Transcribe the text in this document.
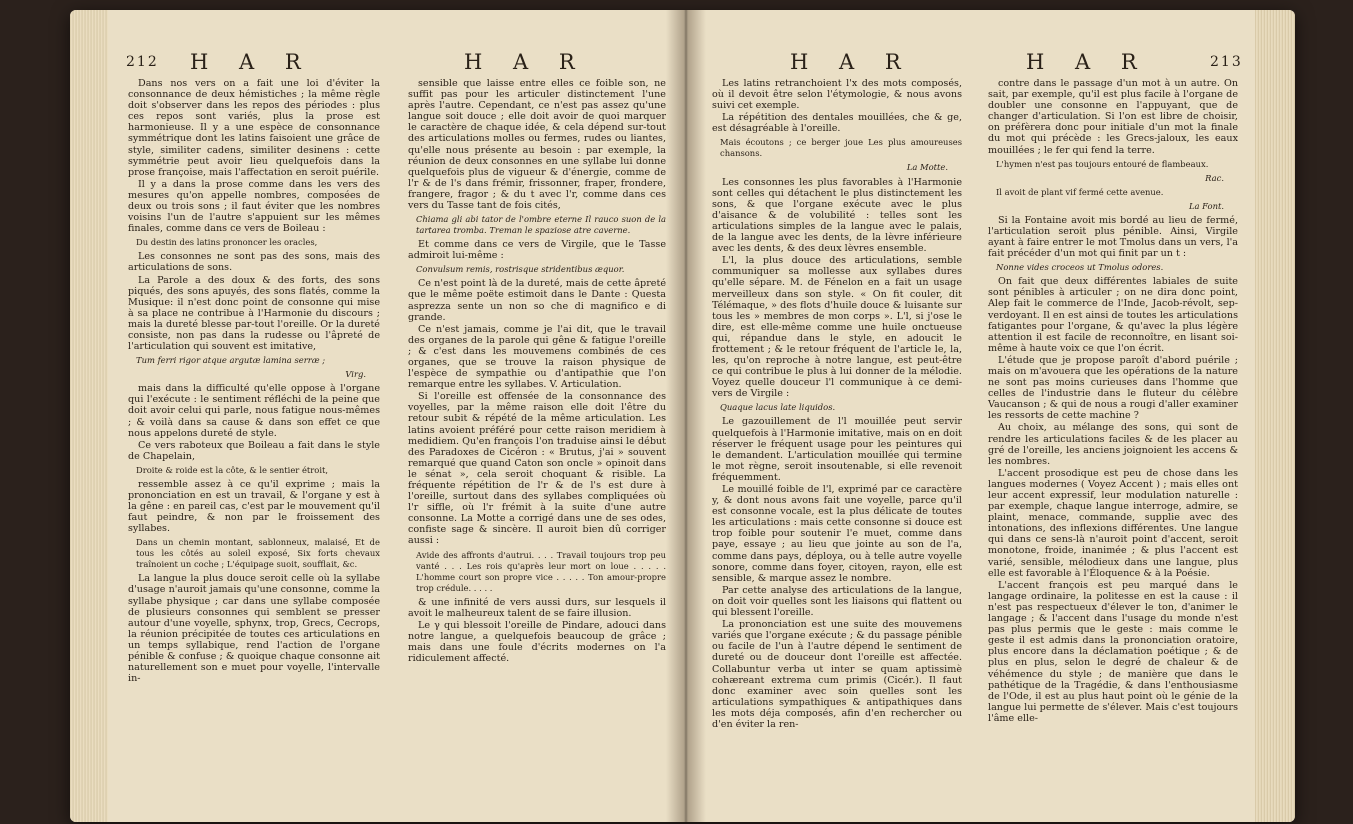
212 H A R	H A R

Dans nos vers on a fait une loi d'éviter la consonnance de deux hémistiches ; la même règle doit s'observer dans les repos des périodes : plus ces repos sont variés, plus la prose est harmonieuse. Il y a une espèce de consonnance symmétrique dont les latins faisoient une grâce de style, similiter cadens, similiter desinens : cette symmétrie peut avoir lieu quelquefois dans la prose françoise, mais l'affectation en seroit puérile.

Il y a dans la prose comme dans les vers des mesures qu'on appelle nombres, composées de deux ou trois sons ; il faut éviter que les nombres voisins l'un de l'autre s'appuient sur les mêmes finales, comme dans ce vers de Boileau :

Du destin des latins prononcer les oracles,

Les consonnes ne sont pas des sons, mais des articulations de sons.

La Parole a des doux & des forts, des sons piqués, des sons apuyés, des sons flatés, comme la Musique: il n'est donc point de consonne qui mise à sa place ne contribue à l'Harmonie du discours ; mais la dureté blesse par-tout l'oreille. Or la dureté consiste, non pas dans la rudesse ou l'âpreté de l'articulation qui souvent est imitative,

Tum ferri rigor atque argutæ lamina serræ ;

Virg.

mais dans la difficulté qu'elle oppose à l'organe qui l'exécute : le sentiment réfléchi de la peine que doit avoir celui qui parle, nous fatigue nous-mêmes ; & voilà dans sa cause & dans son effet ce que nous appelons dureté de style.

Ce vers raboteux que Boileau a fait dans le style de Chapelain,

Droite & roide est la côte, & le sentier étroit,

ressemble assez à ce qu'il exprime ; mais la prononciation en est un travail, & l'organe y est à la gêne : en pareil cas, c'est par le mouvement qu'il faut peindre, & non par le froissement des syllabes.

Dans un chemin montant, sablonneux, malaisé, Et de tous les côtés au soleil exposé, Six forts chevaux traînoient un coche ; L'équipage suoit, soufflait, &c.

La langue la plus douce seroit celle où la syllabe d'usage n'auroit jamais qu'une consonne, comme la syllabe physique ; car dans une syllabe composée de plusieurs consonnes qui semblent se presser autour d'une voyelle, sphynx, trop, Grecs, Cecrops, la réunion précipitée de toutes ces articulations en un temps syllabique, rend l'action de l'organe pénible & confuse ; & quoique chaque consonne ait naturellement son e muet pour voyelle, l'intervalle in-

sensible que laisse entre elles ce foible son, ne suffit pas pour les articuler distinctement l'une après l'autre. Cependant, ce n'est pas assez qu'une langue soit douce ; elle doit avoir de quoi marquer le caractère de chaque idée, & cela dépend sur-tout des articulations molles ou fermes, rudes ou liantes, qu'elle nous présente au besoin : par exemple, la réunion de deux consonnes en une syllabe lui donne quelquefois plus de vigueur & d'énergie, comme de l'r & de l's dans frémir, frissonner, fraper, frondere, frangere, fragor ; & du t avec l'r, comme dans ces vers du Tasse tant de fois cités,

Chiama gli abi tator de l'ombre eterne Il rauco suon de la tartarea tromba. Treman le spaziose atre caverne.

Et comme dans ce vers de Virgile, que le Tasse admiroit lui-même :

Convulsum remis, rostrisque stridentibus æquor.

Ce n'est point là de la dureté, mais de cette âpreté que le même poëte estimoit dans le Dante : Questa asprezza sente un non so che di magnifico e di grande.

Ce n'est jamais, comme je l'ai dit, que le travail des organes de la parole qui gêne & fatigue l'oreille ; & c'est dans les mouvemens combinés de ces organes, que se trouve la raison physique de l'espèce de sympathie ou d'antipathie que l'on remarque entre les syllabes. V. Articulation.

Si l'oreille est offensée de la consonnance des voyelles, par la même raison elle doit l'être du retour subit & répété de la même articulation. Les latins avoient préféré pour cette raison meridiem à medidiem. Qu'en françois l'on traduise ainsi le début des Paradoxes de Cicéron : « Brutus, j'ai » souvent remarqué que quand Caton son oncle » opinoit dans le sénat », cela seroit choquant & risible. La fréquente répétition de l'r & de l's est dure à l'oreille, surtout dans des syllabes compliquées où l'r siffle, où l'r frémit à la suite d'une autre consonne. La Motte a corrigé dans une de ses odes, confiste sage & sincère. Il auroit bien dû corriger aussi :

Avide des affronts d'autrui. . . . Travail toujours trop peu vanté . . . Les rois qu'après leur mort on loue . . . . . L'homme court son propre vice . . . . . Ton amour-propre trop crédule. . . . .

& une infinité de vers aussi durs, sur lesquels il avoit le malheureux talent de se faire illusion.

Le γ qui blessoit l'oreille de Pindare, adouci dans notre langue, a quelquefois beaucoup de grâce ; mais dans une foule d'écrits modernes on l'a ridiculement affecté.

H A R	H A R	213

Les latins retranchoient l'x des mots composés, où il devoit être selon l'étymologie, & nous avons suivi cet exemple.

La répétition des dentales mouillées, che & ge, est désagréable à l'oreille.

Mais écoutons ; ce berger joue Les plus amoureuses chansons.

La Motte.

Les consonnes les plus favorables à l'Harmonie sont celles qui détachent le plus distinctement les sons, & que l'organe exécute avec le plus d'aisance & de volubilité : telles sont les articulations simples de la langue avec le palais, de la langue avec les dents, de la lèvre inférieure avec les dents, & des deux lèvres ensemble.

L'l, la plus douce des articulations, semble communiquer sa mollesse aux syllabes dures qu'elle sépare. M. de Fénelon en a fait un usage merveilleux dans son style. « On fit couler, dit Télémaque, » des flots d'huile douce & luisante sur tous les » membres de mon corps ». L'l, si j'ose le dire, est elle-même comme une huile onctueuse qui, répandue dans le style, en adoucit le frottement ; & le retour fréquent de l'article le, la, les, qu'on reproche à notre langue, est peut-être ce qui contribue le plus à lui donner de la mélodie. Voyez quelle douceur l'l communique à ce demi-vers de Virgile :

Quaque lacus late liquidos.

Le gazouillement de l'l mouillée peut servir quelquefois à l'Harmonie imitative, mais on en doit réserver le fréquent usage pour les peintures qui le demandent. L'articulation mouillée qui termine le mot règne, seroit insoutenable, si elle revenoit fréquemment.

Le mouillé foible de l'l, exprimé par ce caractère y, & dont nous avons fait une voyelle, parce qu'il est consonne vocale, est la plus délicate de toutes les articulations : mais cette consonne si douce est trop foible pour soutenir l'e muet, comme dans paye, essaye ; au lieu que jointe au son de l'a, comme dans pays, déploya, ou à telle autre voyelle sonore, comme dans foyer, citoyen, rayon, elle est sensible, & marque assez le nombre.

Par cette analyse des articulations de la langue, on doit voir quelles sont les liaisons qui flattent ou qui blessent l'oreille.

La prononciation est une suite des mouvemens variés que l'organe exécute ; & du passage pénible ou facile de l'un à l'autre dépend le sentiment de dureté ou de douceur dont l'oreille est affectée. Collabuntur verba ut inter se quam aptissimè cohæreant extrema cum primis (Cicér.). Il faut donc examiner avec soin quelles sont les articulations sympathiques & antipathiques dans les mots déja composés, afin d'en rechercher ou d'en éviter la ren-

contre dans le passage d'un mot à un autre. On sait, par exemple, qu'il est plus facile à l'organe de doubler une consonne en l'appuyant, que de changer d'articulation. Si l'on est libre de choisir, on préfèrera donc pour initiale d'un mot la finale du mot qui précède : les Grecs-jaloux, les eaux mouillées ; le fer qui fend la terre.

L'hymen n'est pas toujours entouré de flambeaux.

Rac.

Il avoit de plant vif fermé cette avenue.

La Font.

Si la Fontaine avoit mis bordé au lieu de fermé, l'articulation seroit plus pénible. Ainsi, Virgile ayant à faire entrer le mot Tmolus dans un vers, l'a fait précéder d'un mot qui finit par un t :

Nonne vides croceos ut Tmolus odores.

On fait que deux différentes labiales de suite sont pénibles à articuler ; on ne dira donc point, Alep fait le commerce de l'Inde, Jacob-révolt, sep-verdoyant. Il en est ainsi de toutes les articulations fatigantes pour l'organe, & qu'avec la plus légère attention il est facile de reconnoître, en lisant soi-même à haute voix ce que l'on écrit.

L'étude que je propose paroît d'abord puérile ; mais on m'avouera que les opérations de la nature ne sont pas moins curieuses dans l'homme que celles de l'industrie dans le fluteur du célèbre Vaucanson ; & qui de nous a rougi d'aller examiner les ressorts de cette machine ?

Au choix, au mélange des sons, qui sont de rendre les articulations faciles & de les placer au gré de l'oreille, les anciens joignoient les accens & les nombres.

L'accent prosodique est peu de chose dans les langues modernes ( Voyez Accent ) ; mais elles ont leur accent expressif, leur modulation naturelle : par exemple, chaque langue interroge, admire, se plaint, menace, commande, supplie avec des intonations, des inflexions différentes. Une langue qui dans ce sens-là n'auroit point d'accent, seroit monotone, froide, inanimée ; & plus l'accent est varié, sensible, mélodieux dans une langue, plus elle est favorable à l'Éloquence & à la Poésie.

L'accent françois est peu marqué dans le langage ordinaire, la politesse en est la cause : il n'est pas respectueux d'élever le ton, d'animer le langage ; & l'accent dans l'usage du monde n'est pas plus permis que le geste : mais comme le geste il est admis dans la prononciation oratoire, plus encore dans la déclamation poétique ; & de plus en plus, selon le degré de chaleur & de véhémence du style ; de manière que dans le pathétique de la Tragédie, & dans l'enthousiasme de l'Ode, il est au plus haut point où le génie de la langue lui permette de s'élever. Mais c'est toujours l'âme elle-
